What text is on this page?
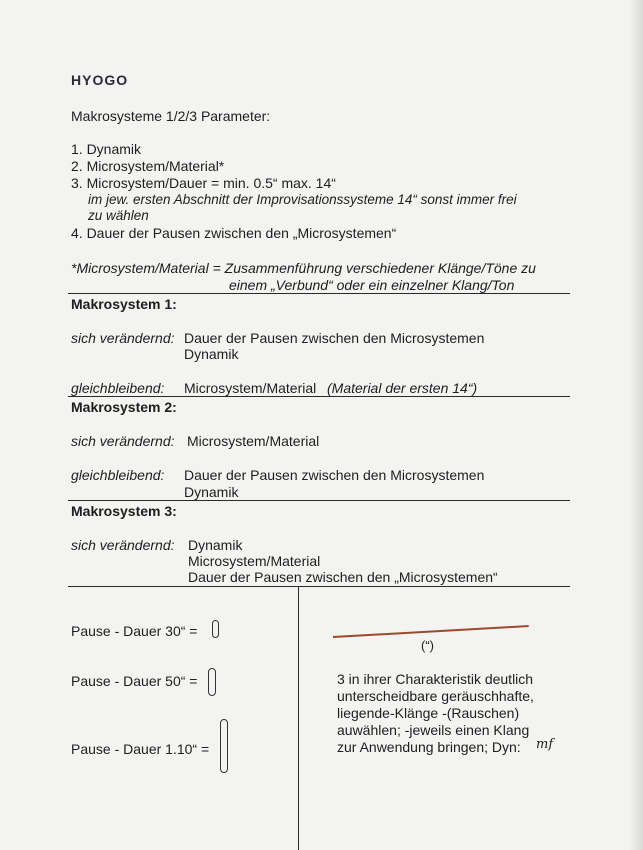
HYOGO
Makrosysteme 1/2/3 Parameter:
1. Dynamik
2. Microsystem/Material*
3. Microsystem/Dauer = min. 0.5“ max. 14“
im jew. ersten Abschnitt der Improvisationssysteme 14“ sonst immer frei
zu wählen
4. Dauer der Pausen zwischen den „Microsystemen“
*Microsystem/Material = Zusammenführung verschiedener Klänge/Töne zu
einem „Verbund“ oder ein einzelner Klang/Ton
Makrosystem 1:
sich verändernd: Dauer der Pausen zwischen den Microsystemen
Dynamik
gleichbleibend: Microsystem/Material (Material der ersten 14“)
Makrosystem 2:
sich verändernd: Microsystem/Material
gleichbleibend: Dauer der Pausen zwischen den Microsystemen
Dynamik
Makrosystem 3:
sich verändernd: Dynamik
Microsystem/Material
Dauer der Pausen zwischen den „Microsystemen“
Pause - Dauer 30“ =
Pause - Dauer 50“ =
Pause - Dauer 1.10“ =
(“)
3 in ihrer Charakteristik deutlich
unterscheidbare geräuschhafte,
liegende-Klänge -(Rauschen)
auwählen; -jeweils einen Klang
zur Anwendung bringen; Dyn: mf
